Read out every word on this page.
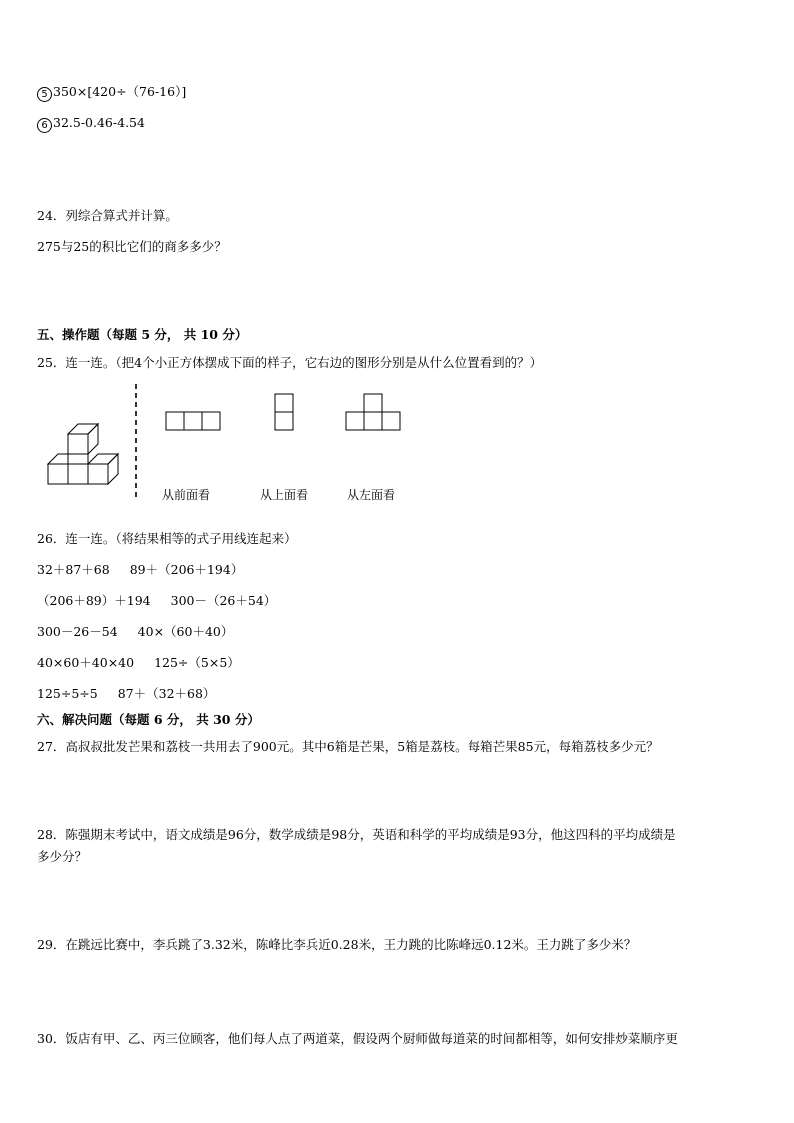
5 350×[420÷（76-16）]
6 32.5-0.46-4.54
24．列综合算式并计算。
275与25的积比它们的商多多少？
五、操作题（每题 5 分， 共 10 分）
25．连一连。（把4个小正方体摆成下面的样子，它右边的图形分别是从什么位置看到的？）
从前面看	从上面看	从左面看
26．连一连。（将结果相等的式子用线连起来）
32＋87＋68 89＋（206＋194）
（206＋89）＋194 300－（26＋54）
300－26－54 40×（60＋40）
40×60＋40×40 125÷（5×5）
125÷5÷5 87＋（32＋68）
六、解决问题（每题 6 分， 共 30 分）
27．高叔叔批发芒果和荔枝一共用去了900元。其中6箱是芒果，5箱是荔枝。每箱芒果85元，每箱荔枝多少元？
28．陈强期末考试中，语文成绩是96分，数学成绩是98分，英语和科学的平均成绩是93分，他这四科的平均成绩是
多少分？
29．在跳远比赛中，李兵跳了3.32米，陈峰比李兵近0.28米，王力跳的比陈峰远0.12米。王力跳了多少米？
30．饭店有甲、乙、丙三位顾客，他们每人点了两道菜，假设两个厨师做每道菜的时间都相等，如何安排炒菜顺序更
